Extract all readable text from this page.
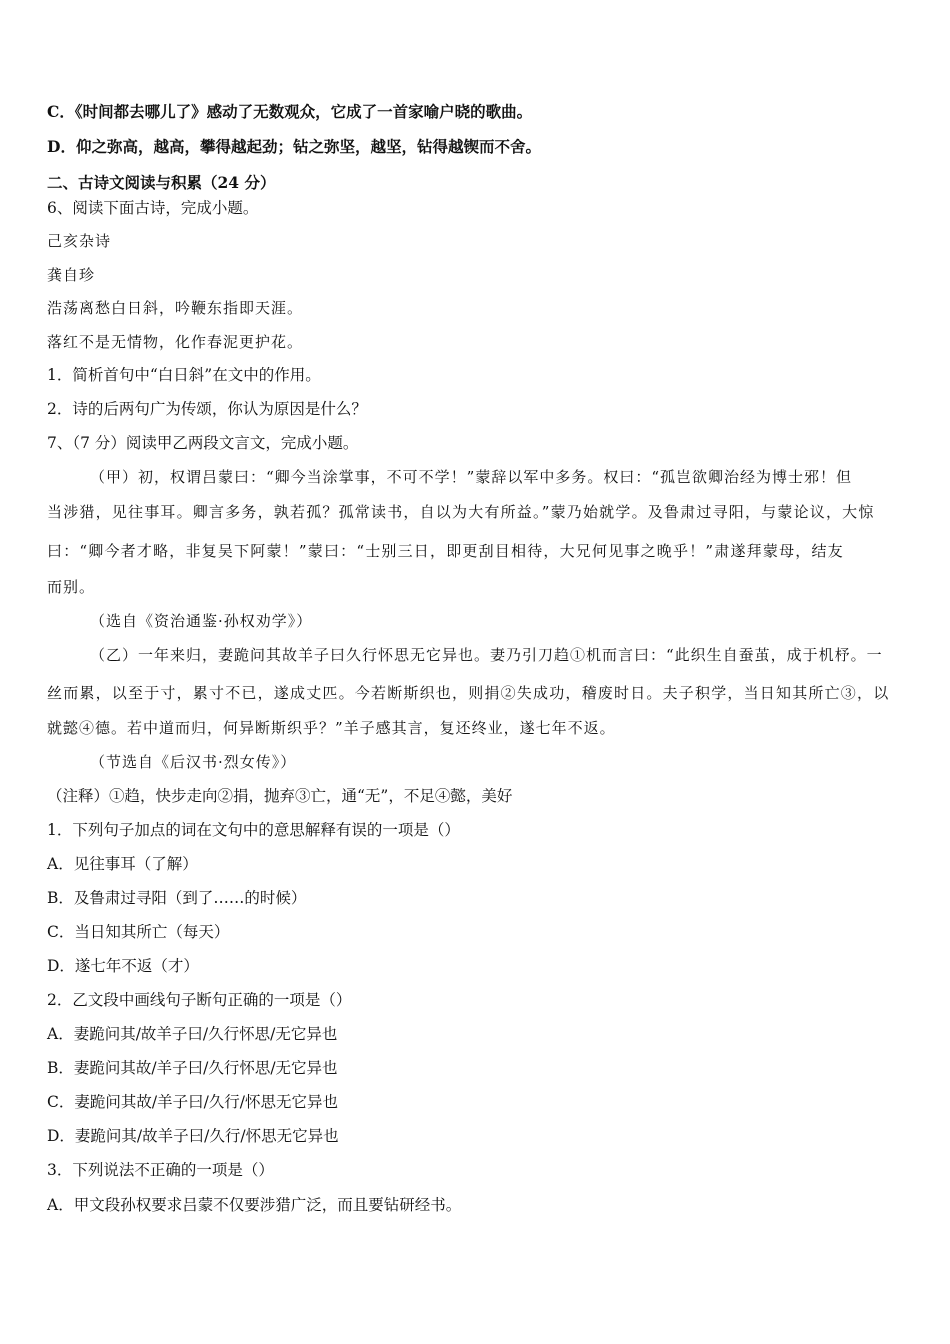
C．《时间都去哪儿了》感动了无数观众，它成了一首家喻户晓的歌曲。
D．仰之弥高，越高，攀得越起劲；钻之弥坚，越坚，钻得越锲而不舍。
二、古诗文阅读与积累（24 分）
6、阅读下面古诗，完成小题。
己亥杂诗
龚自珍
浩荡离愁白日斜，吟鞭东指即天涯。
落红不是无情物，化作春泥更护花。
1．简析首句中“白日斜”在文中的作用。
2．诗的后两句广为传颂，你认为原因是什么？
7、（7 分）阅读甲乙两段文言文，完成小题。
（甲）初，权谓吕蒙曰：“卿今当涂掌事，不可不学！”蒙辞以军中多务。权曰：“孤岂欲卿治经为博士邪！但
当涉猎，见往事耳。卿言多务，孰若孤？孤常读书，自以为大有所益。”蒙乃始就学。及鲁肃过寻阳，与蒙论议，大惊
曰：“卿今者才略，非复吴下阿蒙！”蒙曰：“士别三日，即更刮目相待，大兄何见事之晚乎！”肃遂拜蒙母，结友
而别。
（选自《资治通鉴·孙权劝学》）
（乙）一年来归，妻跪问其故羊子曰久行怀思无它异也。妻乃引刀趋①机而言曰：“此织生自蚕茧，成于机杼。一
丝而累，以至于寸，累寸不已，遂成丈匹。今若断斯织也，则捐②失成功，稽废时日。夫子积学，当日知其所亡③，以
就懿④德。若中道而归，何异断斯织乎？”羊子感其言，复还终业，遂七年不返。
（节选自《后汉书·烈女传》）
（注释）①趋，快步走向②捐，抛弃③亡，通“无”，不足④懿，美好
1．下列句子加点的词在文句中的意思解释有误的一项是（）
A．见往事耳（了解）
B．及鲁肃过寻阳（到了……的时候）
C．当日知其所亡（每天）
D．遂七年不返（才）
2．乙文段中画线句子断句正确的一项是（）
A．妻跪问其/故羊子曰/久行怀思/无它异也
B．妻跪问其故/羊子曰/久行怀思/无它异也
C．妻跪问其故/羊子曰/久行/怀思无它异也
D．妻跪问其/故羊子曰/久行/怀思无它异也
3．下列说法不正确的一项是（）
A．甲文段孙权要求吕蒙不仅要涉猎广泛，而且要钻研经书。
